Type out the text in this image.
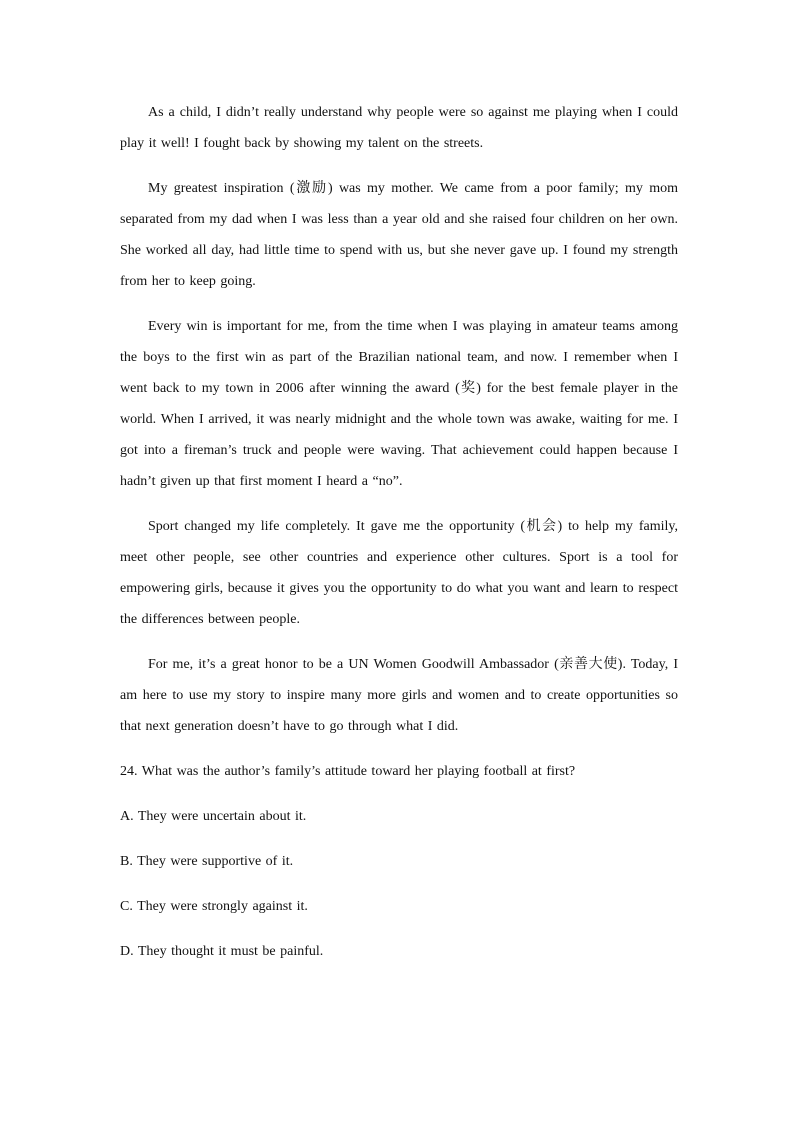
As a child, I didn’t really understand why people were so against me playing when I could play it well! I fought back by showing my talent on the streets.

My greatest inspiration (激励) was my mother. We came from a poor family; my mom separated from my dad when I was less than a year old and she raised four children on her own. She worked all day, had little time to spend with us, but she never gave up. I found my strength from her to keep going.

Every win is important for me, from the time when I was playing in amateur teams among the boys to the first win as part of the Brazilian national team, and now. I remember when I went back to my town in 2006 after winning the award (奖) for the best female player in the world. When I arrived, it was nearly midnight and the whole town was awake, waiting for me. I got into a fireman’s truck and people were waving. That achievement could happen because I hadn’t given up that first moment I heard a “no”.

Sport changed my life completely. It gave me the opportunity (机会) to help my family, meet other people, see other countries and experience other cultures. Sport is a tool for empowering girls, because it gives you the opportunity to do what you want and learn to respect the differences between people.

For me, it’s a great honor to be a UN Women Goodwill Ambassador (亲善大使). Today, I am here to use my story to inspire many more girls and women and to create opportunities so that next generation doesn’t have to go through what I did.

24. What was the author’s family’s attitude toward her playing football at first?

A. They were uncertain about it.

B. They were supportive of it.

C. They were strongly against it.

D. They thought it must be painful.
